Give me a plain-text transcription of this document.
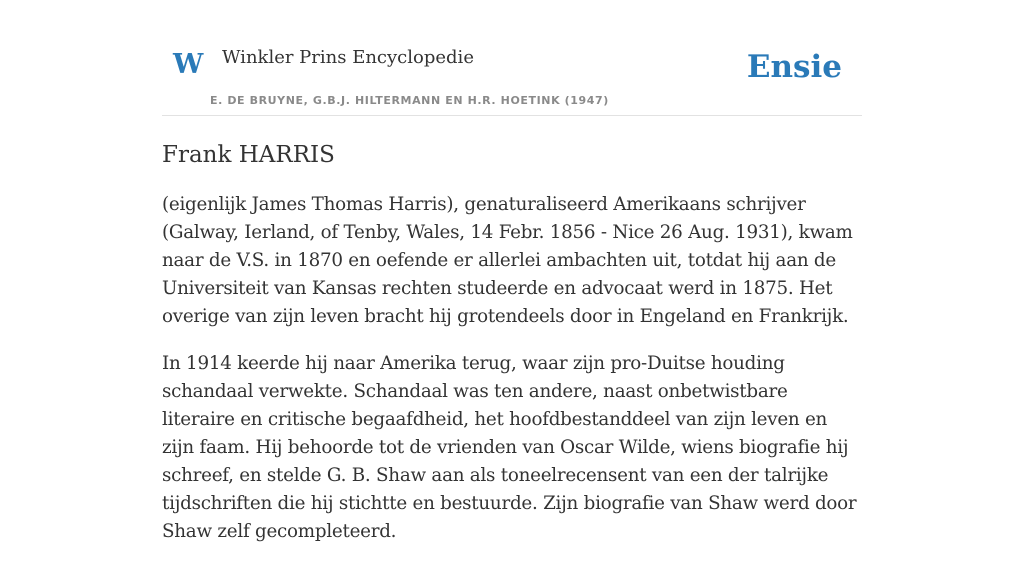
W Winkler Prins Encyclopedie
E. DE BRUYNE, G.B.J. HILTERMANN EN H.R. HOETINK (1947)
Ensie
Frank HARRIS

(eigenlijk James Thomas Harris), genaturaliseerd Amerikaans schrijver (Galway, Ierland, of Tenby, Wales, 14 Febr. 1856 - Nice 26 Aug. 1931), kwam naar de V.S. in 1870 en oefende er allerlei ambachten uit, totdat hij aan de Universiteit van Kansas rechten studeerde en advocaat werd in 1875. Het overige van zijn leven bracht hij grotendeels door in Engeland en Frankrijk.

In 1914 keerde hij naar Amerika terug, waar zijn pro-Duitse houding schandaal verwekte. Schandaal was ten andere, naast onbetwistbare literaire en critische begaafdheid, het hoofdbestanddeel van zijn leven en zijn faam. Hij behoorde tot de vrienden van Oscar Wilde, wiens biografie hij schreef, en stelde G. B. Shaw aan als toneelrecensent van een der talrijke tijdschriften die hij stichtte en bestuurde. Zijn biografie van Shaw werd door Shaw zelf gecompleteerd.
